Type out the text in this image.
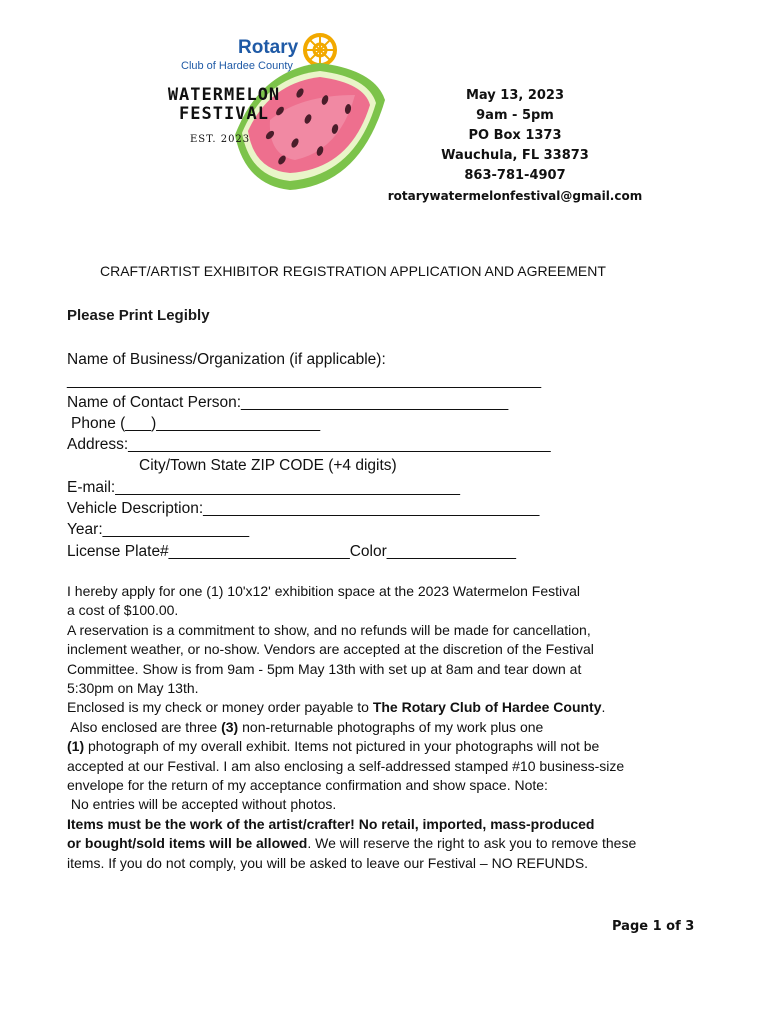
Rotary
Club of Hardee County
WATERMELON
FESTIVAL
EST. 2023
May 13, 2023
9am - 5pm
PO Box 1373
Wauchula, FL 33873
863-781-4907
rotarywatermelonfestival@gmail.com
CRAFT/ARTIST EXHIBITOR REGISTRATION APPLICATION AND AGREEMENT
Please Print Legibly
Name of Business/Organization (if applicable):
_______________________________________________________
Name of Contact Person:_______________________________
Phone (___)___________________
Address:_________________________________________________
City/Town State ZIP CODE (+4 digits)
E-mail:________________________________________
Vehicle Description:_______________________________________
Year:_________________
License Plate#_____________________Color_______________
I hereby apply for one (1) 10'x12' exhibition space at the 2023 Watermelon Festival
a cost of $100.00.
A reservation is a commitment to show, and no refunds will be made for cancellation,
inclement weather, or no-show. Vendors are accepted at the discretion of the Festival
Committee. Show is from 9am - 5pm May 13th with set up at 8am and tear down at
5:30pm on May 13th.
Enclosed is my check or money order payable to The Rotary Club of Hardee County.
Also enclosed are three (3) non-returnable photographs of my work plus one
(1) photograph of my overall exhibit. Items not pictured in your photographs will not be
accepted at our Festival. I am also enclosing a self-addressed stamped #10 business-size
envelope for the return of my acceptance confirmation and show space. Note:
No entries will be accepted without photos.
Items must be the work of the artist/crafter! No retail, imported, mass-produced
or bought/sold items will be allowed. We will reserve the right to ask you to remove these
items. If you do not comply, you will be asked to leave our Festival – NO REFUNDS.
Page 1 of 3
